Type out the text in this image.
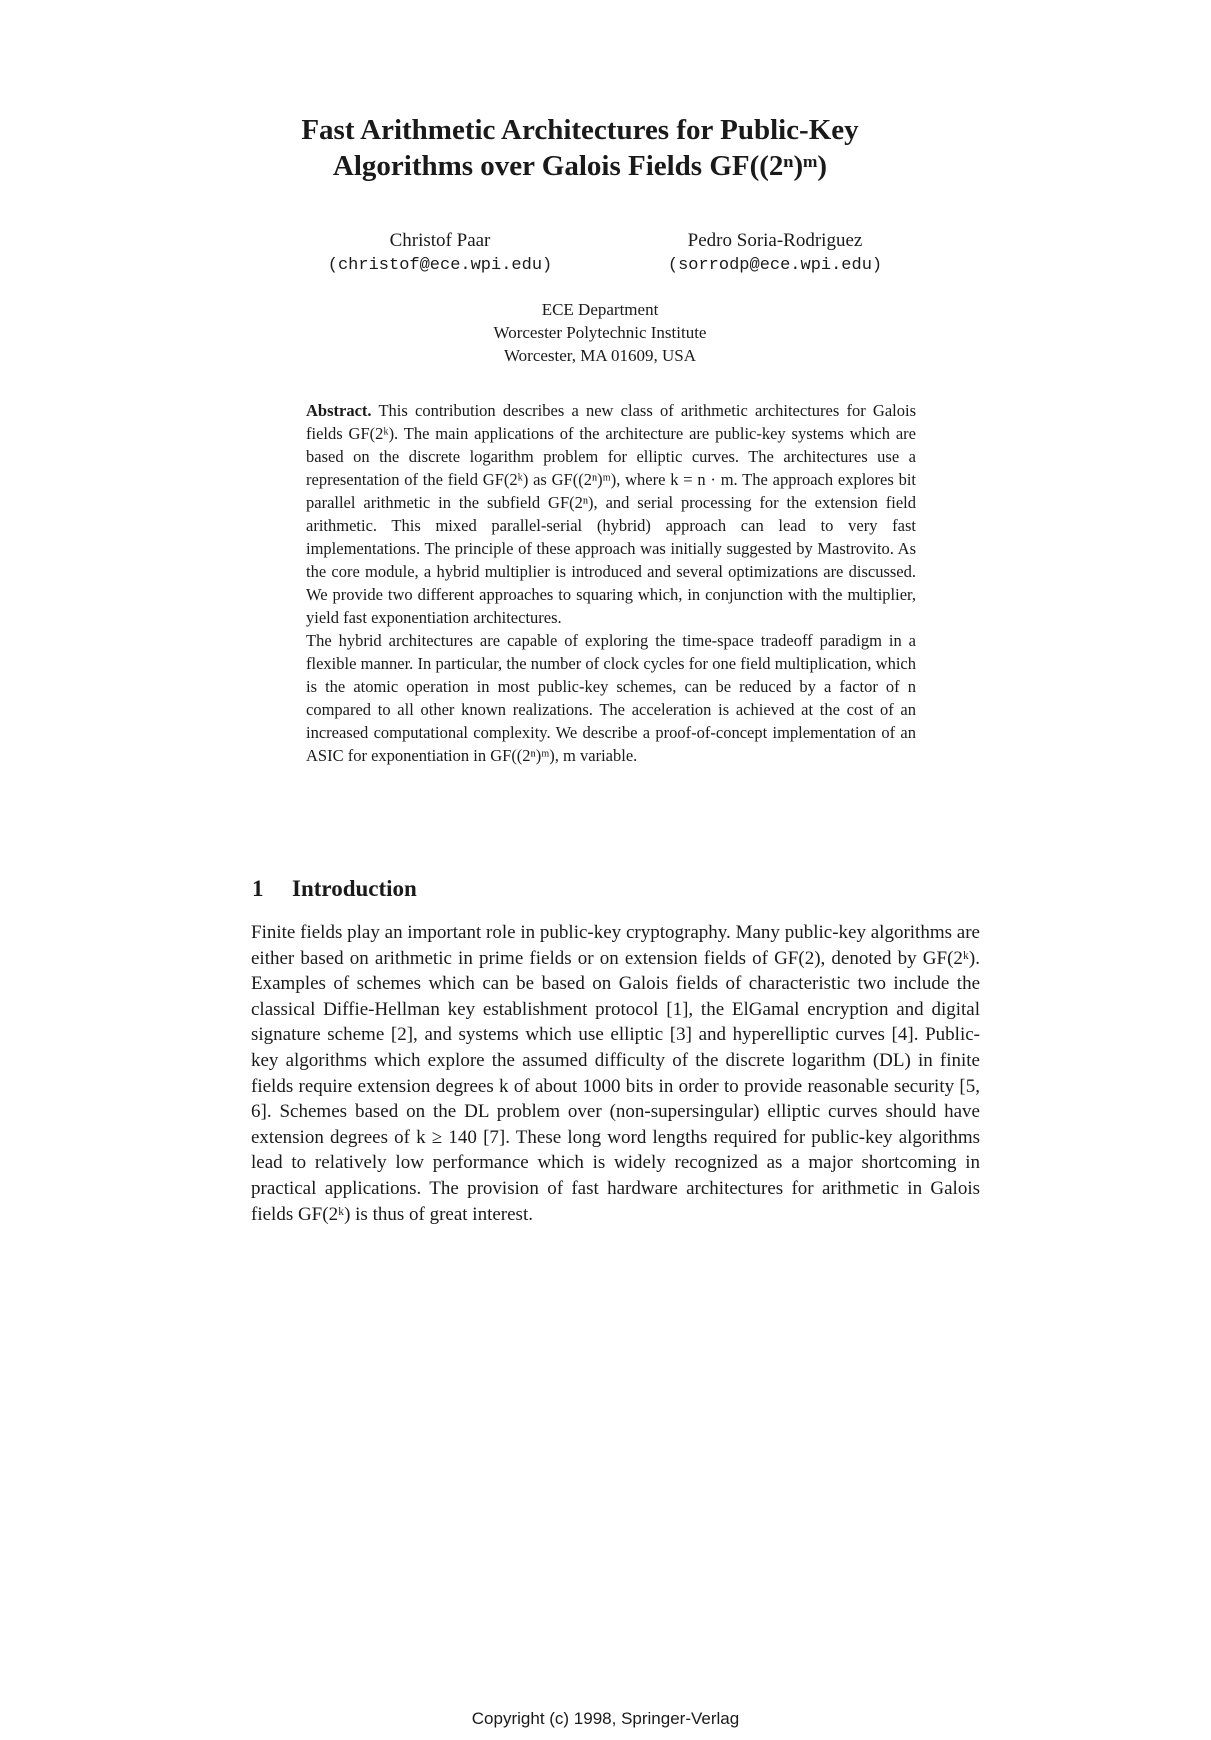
Fast Arithmetic Architectures for Public-Key
Algorithms over Galois Fields GF((2ⁿ)ᵐ)
Christof Paar
(christof@ece.wpi.edu)
Pedro Soria-Rodriguez
(sorrodp@ece.wpi.edu)
ECE Department
Worcester Polytechnic Institute
Worcester, MA 01609, USA

Abstract. This contribution describes a new class of arithmetic architectures for Galois fields GF(2ᵏ). The main applications of the architecture are public-key systems which are based on the discrete logarithm problem for elliptic curves. The architectures use a representation of the field GF(2ᵏ) as GF((2ⁿ)ᵐ), where k = n · m. The approach explores bit parallel arithmetic in the subfield GF(2ⁿ), and serial processing for the extension field arithmetic. This mixed parallel-serial (hybrid) approach can lead to very fast implementations. The principle of these approach was initially suggested by Mastrovito. As the core module, a hybrid multiplier is introduced and several optimizations are discussed. We provide two different approaches to squaring which, in conjunction with the multiplier, yield fast exponentiation architectures.

The hybrid architectures are capable of exploring the time-space tradeoff paradigm in a flexible manner. In particular, the number of clock cycles for one field multiplication, which is the atomic operation in most public-key schemes, can be reduced by a factor of n compared to all other known realizations. The acceleration is achieved at the cost of an increased computational complexity. We describe a proof-of-concept implementation of an ASIC for exponentiation in GF((2ⁿ)ᵐ), m variable.

1 Introduction

Finite fields play an important role in public-key cryptography. Many public-key algorithms are either based on arithmetic in prime fields or on extension fields of GF(2), denoted by GF(2ᵏ). Examples of schemes which can be based on Galois fields of characteristic two include the classical Diffie-Hellman key establishment protocol [1], the ElGamal encryption and digital signature scheme [2], and systems which use elliptic [3] and hyperelliptic curves [4]. Public-key algorithms which explore the assumed difficulty of the discrete logarithm (DL) in finite fields require extension degrees k of about 1000 bits in order to provide reasonable security [5, 6]. Schemes based on the DL problem over (non-supersingular) elliptic curves should have extension degrees of k ≥ 140 [7]. These long word lengths required for public-key algorithms lead to relatively low performance which is widely recognized as a major shortcoming in practical applications. The provision of fast hardware architectures for arithmetic in Galois fields GF(2ᵏ) is thus of great interest.

Copyright (c) 1998, Springer-Verlag
